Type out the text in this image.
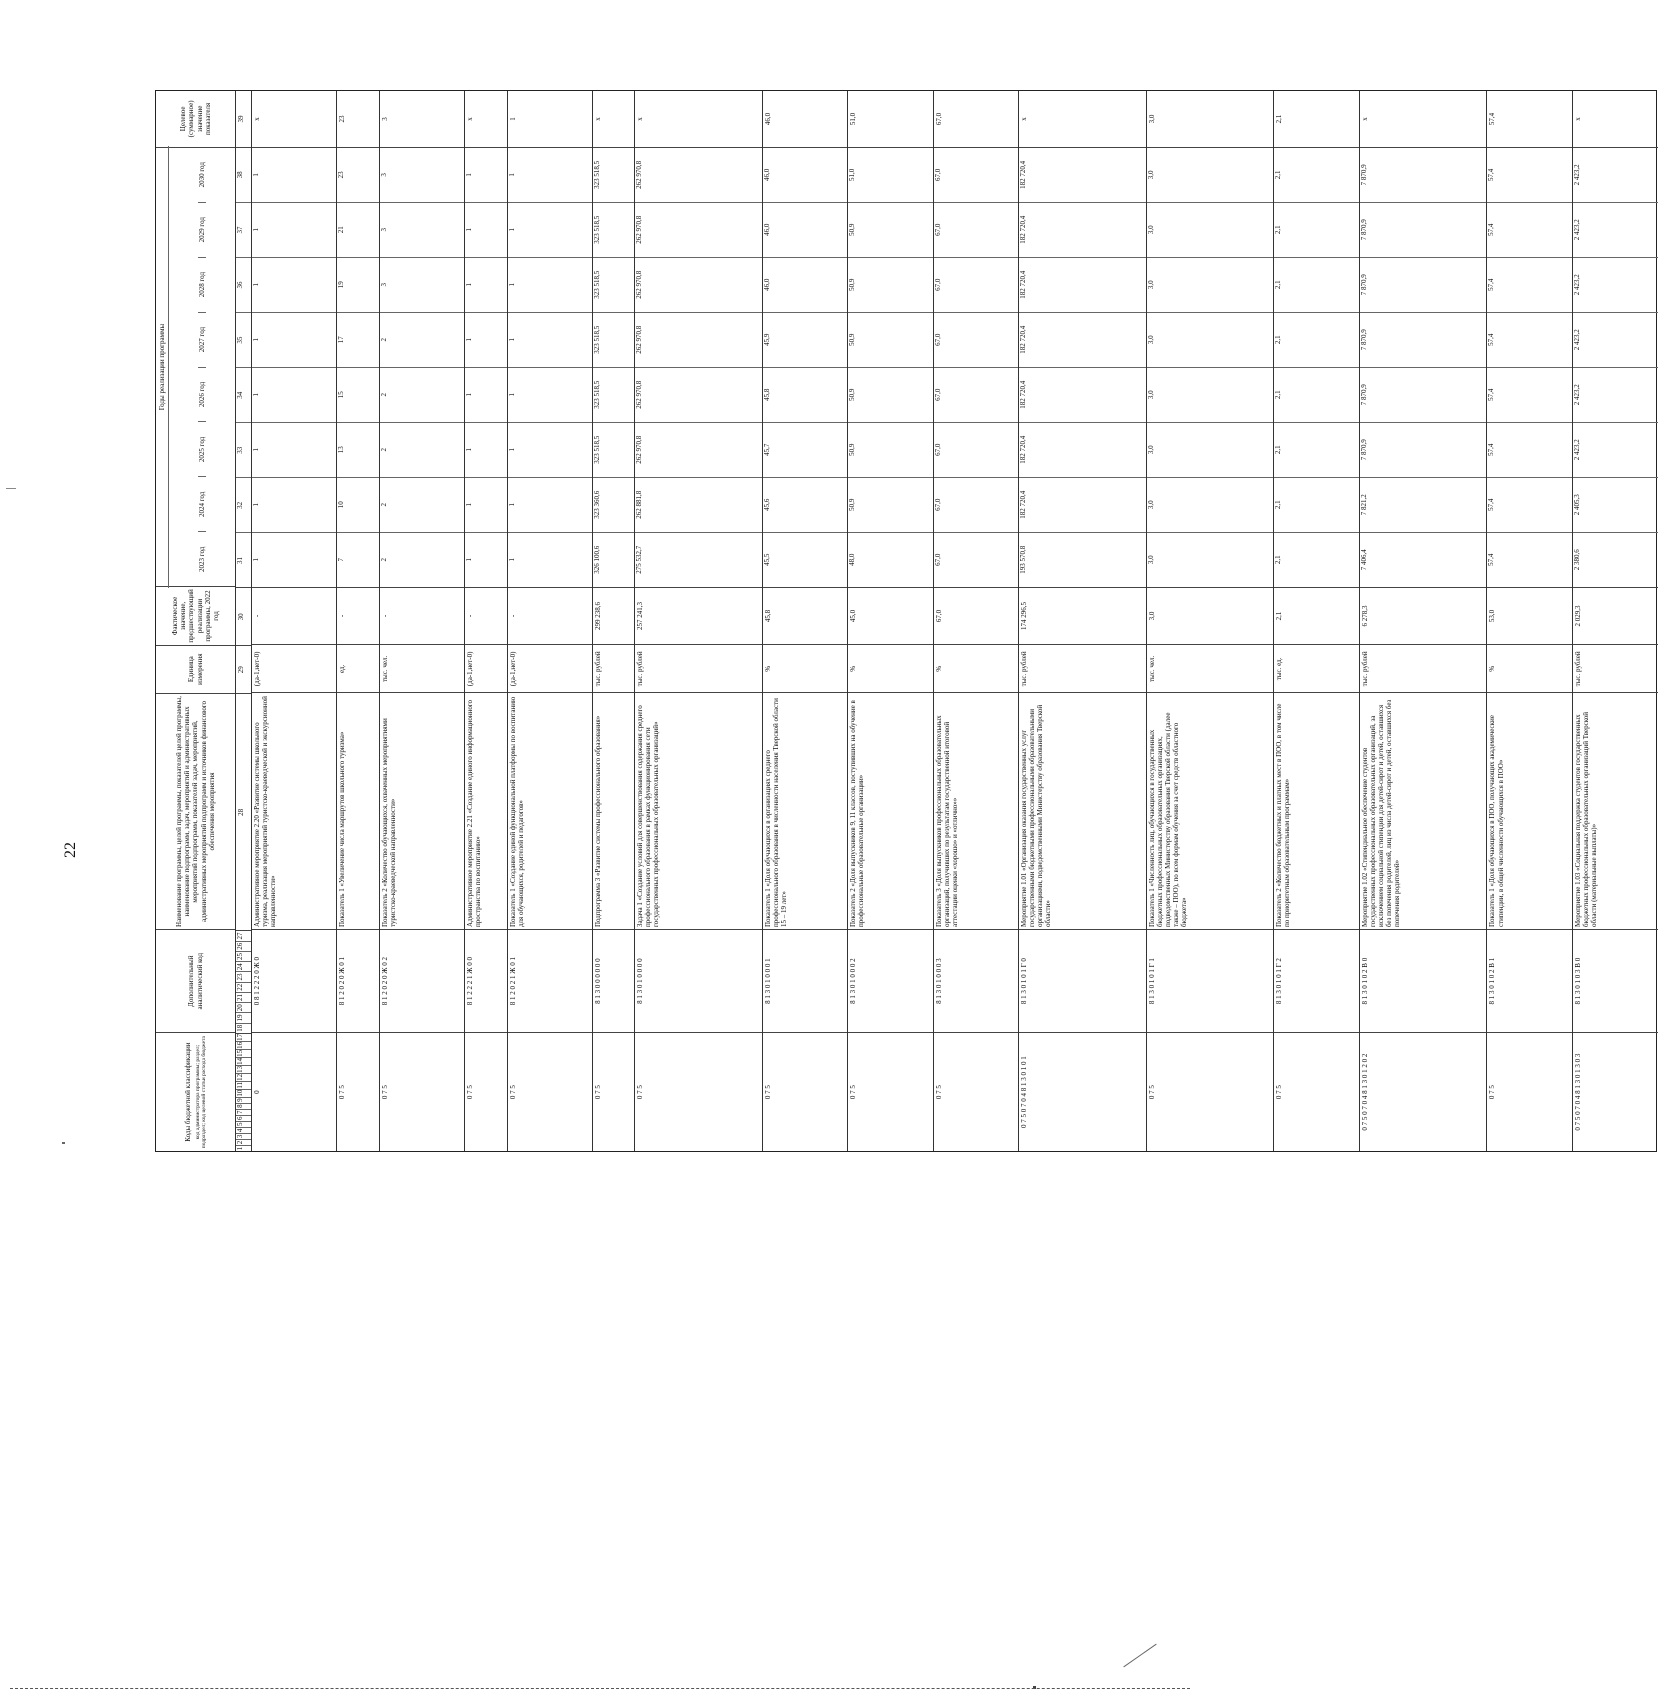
22
Коды бюджетной классификации код администратора программы; раздел; подраздел; код целевой статьи расхода бюджета
Дополнительный аналитический код
Наименование программы, целей программы, показателей целей программы, наименование подпрограмм, задач, мероприятий и административных мероприятий подпрограмм, показателей задач, мероприятий, административных мероприятий подпрограмм и источников финансового обеспечения мероприятия
Единица измерения
Фактическое значение, предшествующий реализации программы, 2022 год
Годы реализации программы
2023 год
2024 год
2025 год
2026 год
2027 год
2028 год
2029 год
2030 год
Целевое (суммарное) значение показателя
1
2
3
4
5
6
7
8
9
10
11
12
13
14
15
16
17
18
19
20
21
22
23
24
25
26
27
28
29
30
31
32
33
34
35
36
37
38
39
0
0 8 1 2 2 2 0 Ж 0
Административное мероприятие 2.20 «Развитие системы школьного туризма, реализация мероприятий туристско-краеведческой и экскурсионной направленности»
(да-1,нет-0)
-
1
1
1
1
1
1
1
1
x
0 7 5
8 1 2 0 2 0 Ж 0 1
Показатель 1 «Увеличение числа маршрутов школьного туризма»
ед.
-
7
10
13
15
17
19
21
23
23
0 7 5
8 1 2 0 2 0 Ж 0 2
Показатель 2 «Количество обучающихся, охваченных мероприятиями туристско-краеведческой направленности»
тыс. чел.
-
2
2
2
2
2
3
3
3
3
0 7 5
8 1 2 2 2 1 Ж 0 0
Административное мероприятие 2.21 «Создание единого информационного пространства по воспитанию»
(да-1,нет-0)
-
1
1
1
1
1
1
1
1
x
0 7 5
8 1 2 0 2 1 Ж 0 1
Показатель 1 «Создание единой функциональной платформы по воспитанию для обучающихся, родителей и педагогов»
(да-1,нет-0)
-
1
1
1
1
1
1
1
1
1
0 7 5
8 1 3 0 0 0 0 0 0
Подпрограмма 3 «Развитие системы профессионального образования»
тыс. рублей
299 238,6
326 100,6
323 360,6
323 518,5
323 518,5
323 518,5
323 518,5
323 518,5
323 518,5
x
0 7 5
8 1 3 0 1 0 0 0 0
Задача 1 «Создание условий для совершенствования содержания среднего профессионального образования в рамках функционирования сети государственных профессиональных образовательных организаций»
тыс. рублей
257 241,3
275 532,7
262 881,8
262 970,8
262 970,8
262 970,8
262 970,8
262 970,8
262 970,8
x
0 7 5
8 1 3 0 1 0 0 0 1
Показатель 1 «Доля обучающихся в организациях среднего профессионального образования в численности населения Тверской области 15 – 19 лет»
%
45,8
45,5
45,6
45,7
45,8
45,9
46,0
46,0
46,0
46,0
0 7 5
8 1 3 0 1 0 0 0 2
Показатель 2 «Доля выпускников 9, 11 классов, поступивших на обучение в профессиональные образовательные организации»
%
45,0
48,0
50,9
50,9
50,9
50,9
50,9
50,9
51,0
51,0
0 7 5
8 1 3 0 1 0 0 0 3
Показатель 3 «Доля выпускников профессиональных образовательных организаций, получивших по результатам государственной итоговой аттестации оценки «хорошо» и «отлично»»
%
67,0
67,0
67,0
67,0
67,0
67,0
67,0
67,0
67,0
67,0
0 7 5 0 7 0 4 8 1 3 0 1 0 1
8 1 3 0 1 0 1 Г 0
Мероприятие 1.01 «Организация оказания государственных услуг государственными бюджетными профессиональными образовательными организациями, подведомственными Министерству образования Тверской области»
тыс. рублей
174 296,5
193 570,8
182 720,4
182 720,4
182 720,4
182 720,4
182 720,4
182 720,4
182 720,4
x
0 7 5
8 1 3 0 1 0 1 Г 1
Показатель 1 «Численность лиц, обучающихся в государственных бюджетных профессиональных образовательных организациях, подведомственных Министерству образования Тверской области (далее также – ПОО), по всем формам обучения за счет средств областного бюджета»
тыс. чел.
3,0
3,0
3,0
3,0
3,0
3,0
3,0
3,0
3,0
3,0
0 7 5
8 1 3 0 1 0 1 Г 2
Показатель 2 «Количество бюджетных и платных мест в ПОО, в том числе по приоритетным образовательным программам»
тыс. ед.
2,1
2,1
2,1
2,1
2,1
2,1
2,1
2,1
2,1
2,1
0 7 5 0 7 0 4 8 1 3 0 1 2 0 2
8 1 3 0 1 0 2 В 0
Мероприятие 1.02 «Стипендиальное обеспечение студентов государственных профессиональных образовательных организаций, за исключением социальной стипендии для детей-сирот и детей, оставшихся без попечения родителей, лиц из числа детей-сирот и детей, оставшихся без попечения родителей»
тыс. рублей
6 278,3
7 406,4
7 821,2
7 870,9
7 870,9
7 870,9
7 870,9
7 870,9
7 870,9
x
0 7 5
8 1 3 0 1 0 2 В 1
Показатель 1 «Доля обучающихся в ПОО, получающих академические стипендии, в общей численности обучающихся в ПОО»
%
53,0
57,4
57,4
57,4
57,4
57,4
57,4
57,4
57,4
57,4
0 7 5 0 7 0 4 8 1 3 0 1 3 0 3
8 1 3 0 1 0 3 В 0
Мероприятие 1.03 «Социальная поддержка студентов государственных бюджетных профессиональных образовательных организаций Тверской области (материальные выплаты)»
тыс. рублей
2 029,3
2 380,6
2 405,3
2 423,2
2 423,2
2 423,2
2 423,2
2 423,2
2 423,2
x
